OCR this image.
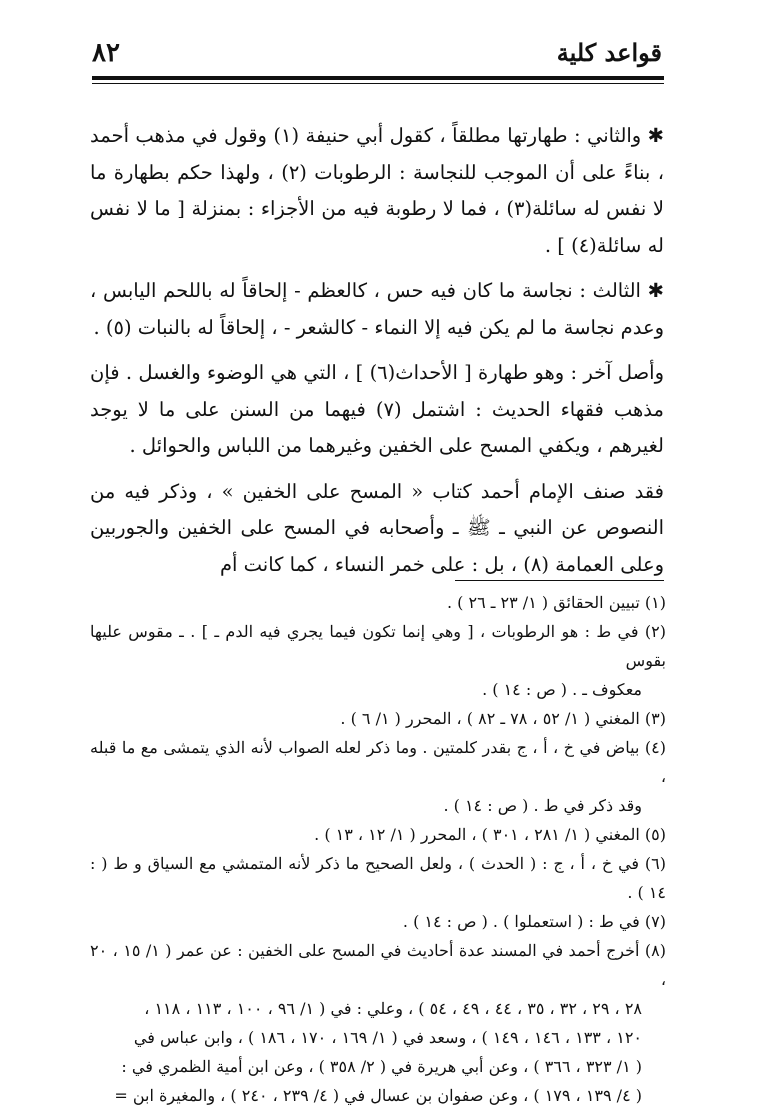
قواعد كلية
٨٢

✱ والثاني : طهارتها مطلقاً ، كقول أبي حنيفة (١) وقول في مذهب أحمد ، بناءً على أن الموجب للنجاسة : الرطوبات (٢) ، ولهذا حكم بطهارة ما لا نفس له سائلة(٣) ، فما لا رطوبة فيه من الأجزاء : بمنزلة [ ما لا نفس له سائلة(٤) ] .

✱ الثالث : نجاسة ما كان فيه حس ، كالعظم - إلحاقاً له باللحم اليابس ، وعدم نجاسة ما لم يكن فيه إلا النماء - كالشعر - ، إلحاقاً له بالنبات (٥) .

وأصل آخر : وهو طهارة [ الأحداث(٦) ] ، التي هي الوضوء والغسل . فإن مذهب فقهاء الحديث : اشتمل (٧) فيهما من السنن على ما لا يوجد لغيرهم ، ويكفي المسح على الخفين وغيرهما من اللباس والحوائل .

فقد صنف الإمام أحمد كتاب « المسح على الخفين » ، وذكر فيه من النصوص عن النبي ـ ﷺ ـ وأصحابه في المسح على الخفين والجوربين وعلى العمامة (٨) ، بل : على خمر النساء ، كما كانت أم

(١) تبيين الحقائق ( ١/ ٢٣ ـ ٢٦ ) .

(٢) في ط : هو الرطوبات ، [ وهي إنما تكون فيما يجري فيه الدم ـ ] . ـ مقوس عليها بقوس

معكوف ـ . ( ص : ١٤ ) .

(٣) المغني ( ١/ ٥٢ ، ٧٨ ـ ٨٢ ) ، المحرر ( ١/ ٦ ) .

(٤) بياض في خ ، أ ، ج بقدر كلمتين . وما ذكر لعله الصواب لأنه الذي يتمشى مع ما قبله ،

وقد ذكر في ط . ( ص : ١٤ ) .

(٥) المغني ( ١/ ٢٨١ ، ٣٠١ ) ، المحرر ( ١/ ١٢ ، ١٣ ) .

(٦) في خ ، أ ، ج : ( الحدث ) ، ولعل الصحيح ما ذكر لأنه المتمشي مع السياق و ط ( : ١٤ ) .

(٧) في ط : ( استعملوا ) . ( ص : ١٤ ) .

(٨) أخرج أحمد في المسند عدة أحاديث في المسح على الخفين : عن عمر ( ١/ ١٥ ، ٢٠ ،

٢٨ ، ٢٩ ، ٣٢ ، ٣٥ ، ٤٤ ، ٤٩ ، ٥٤ ) ، وعلي : في ( ١/ ٩٦ ، ١٠٠ ، ١١٣ ، ١١٨ ،

١٢٠ ، ١٣٣ ، ١٤٦ ، ١٤٩ ) ، وسعد في ( ١/ ١٦٩ ، ١٧٠ ، ١٨٦ ) ، وابن عباس في

( ١/ ٣٢٣ ، ٣٦٦ ) ، وعن أبي هريرة في ( ٢/ ٣٥٨ ) ، وعن ابن أمية الظمري في :

( ٤/ ١٣٩ ، ١٧٩ ) ، وعن صفوان بن عسال في ( ٤/ ٢٣٩ ، ٢٤٠ ) ، والمغيرة ابن =
